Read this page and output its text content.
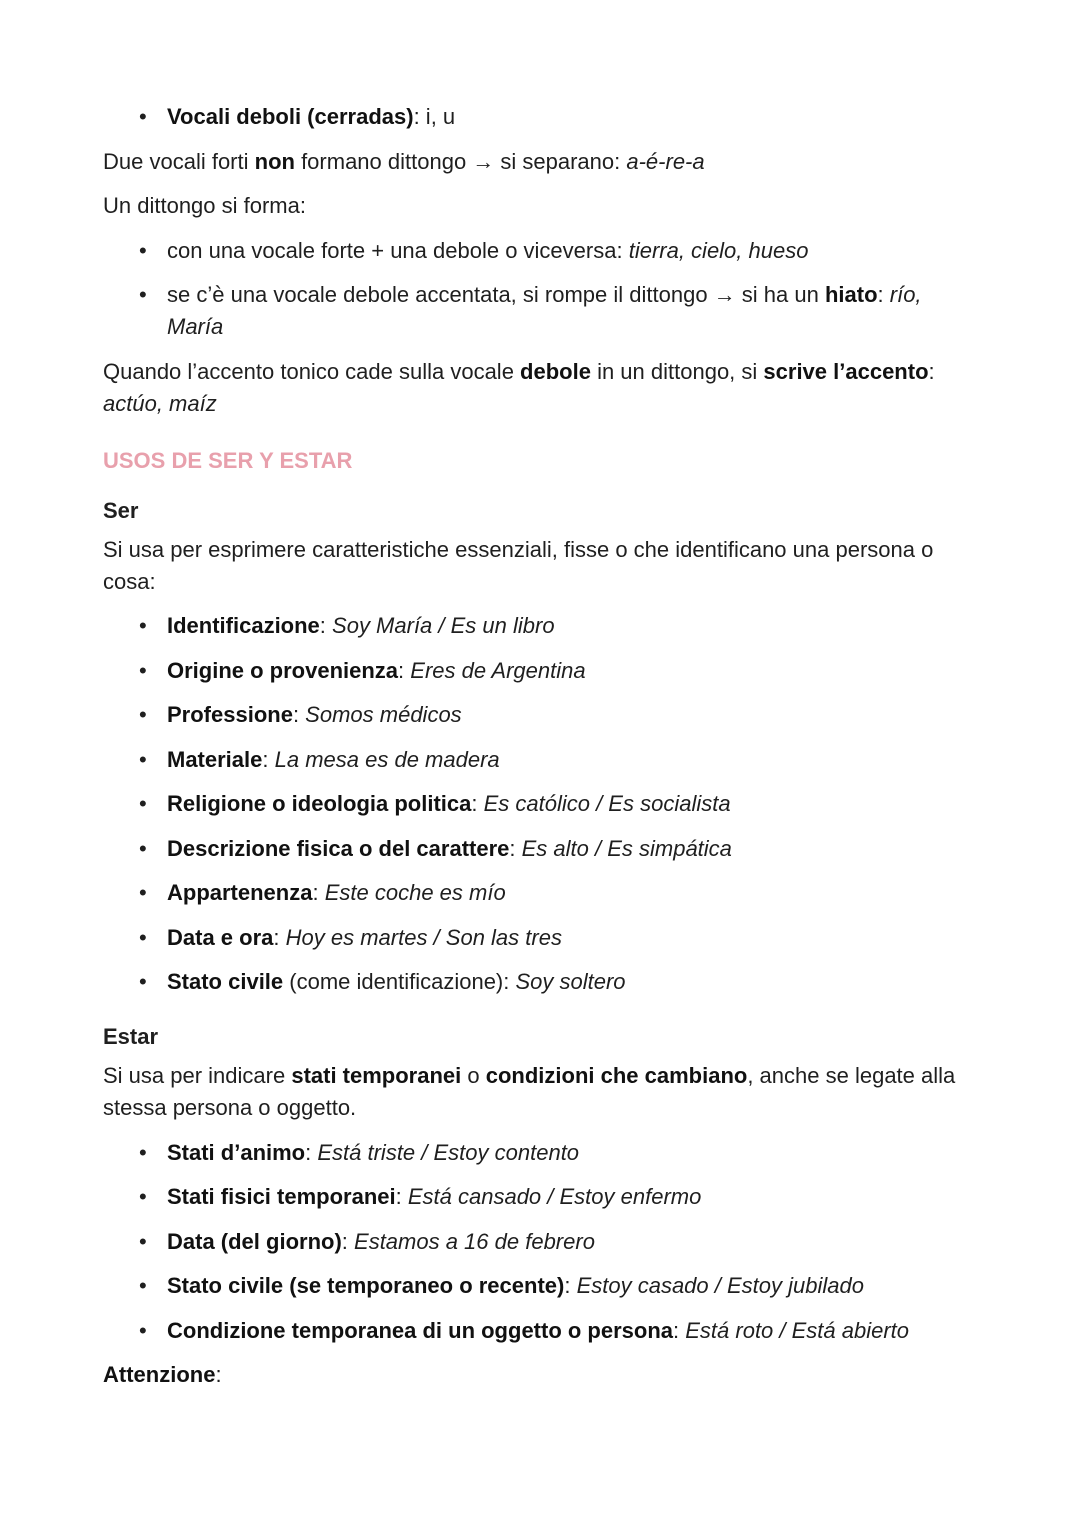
• Vocali deboli (cerradas): i, u
Due vocali forti non formano dittongo → si separano: a-é-re-a
Un dittongo si forma:
• con una vocale forte + una debole o viceversa: tierra, cielo, hueso
• se c’è una vocale debole accentata, si rompe il dittongo → si ha un hiato: río, María
Quando l’accento tonico cade sulla vocale debole in un dittongo, si scrive l’accento: actúo, maíz
USOS DE SER Y ESTAR
Ser
Si usa per esprimere caratteristiche essenziali, fisse o che identificano una persona o cosa:
• Identificazione: Soy María / Es un libro
• Origine o provenienza: Eres de Argentina
• Professione: Somos médicos
• Materiale: La mesa es de madera
• Religione o ideologia politica: Es católico / Es socialista
• Descrizione fisica o del carattere: Es alto / Es simpática
• Appartenenza: Este coche es mío
• Data e ora: Hoy es martes / Son las tres
• Stato civile (come identificazione): Soy soltero
Estar
Si usa per indicare stati temporanei o condizioni che cambiano, anche se legate alla stessa persona o oggetto.
• Stati d’animo: Está triste / Estoy contento
• Stati fisici temporanei: Está cansado / Estoy enfermo
• Data (del giorno): Estamos a 16 de febrero
• Stato civile (se temporaneo o recente): Estoy casado / Estoy jubilado
• Condizione temporanea di un oggetto o persona: Está roto / Está abierto
Attenzione:
